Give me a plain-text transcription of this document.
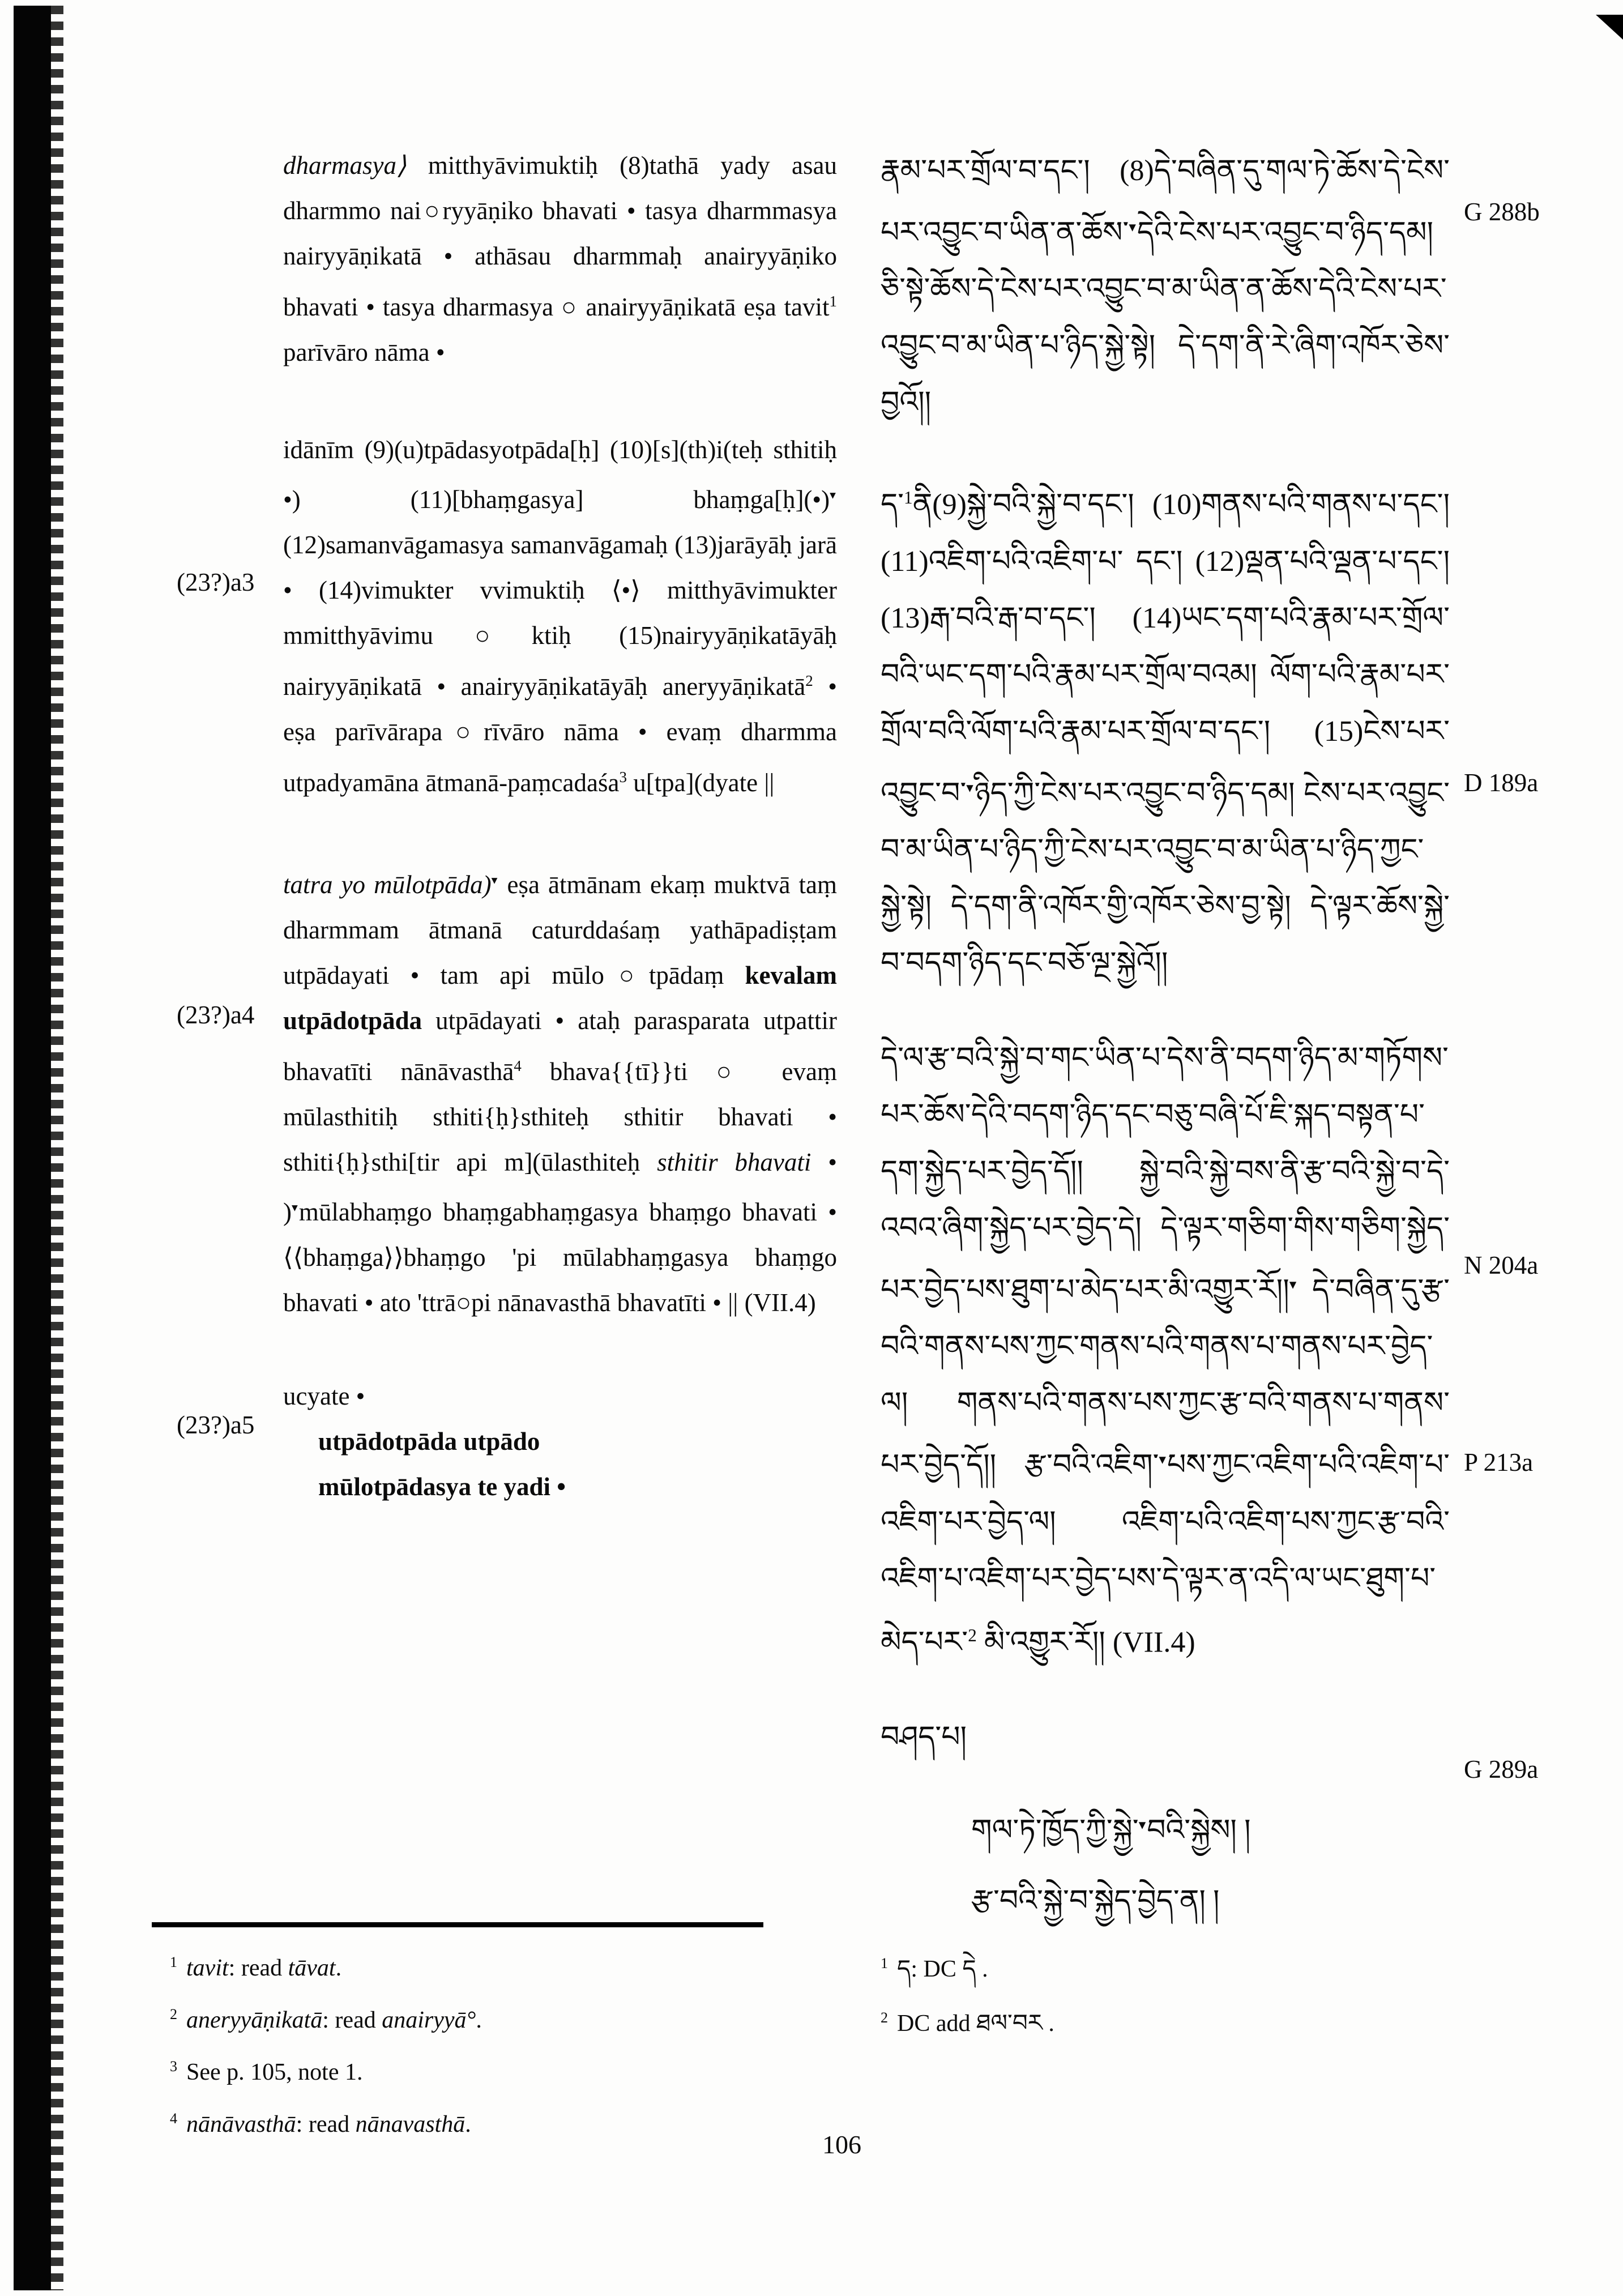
(23?)a3
(23?)a4
(23?)a5
dharmasya⟩ mitthyāvimuktiḥ (8)tathā yady asau dharmmo nai○ryyāṇiko bhavati • tasya dharmmasya nairyyāṇikatā • athāsau dharmmaḥ anairyyāṇiko bhavati • tasya dharmasya ○ anairyyāṇikatā eṣa tavit$^1$ parīvāro nāma •
idānīm (9)(u)tpādasyotpāda[ḥ] (10)[s](th)i(teḥ sthitiḥ •) (11)[bhaṃgasya] bhaṃga[ḥ](•)▾ (12)samanvāgamasya samanvāgamaḥ (13)jarāyāḥ jarā • (14)vimukter vvimuktiḥ ⟨•⟩ mitthyāvimukter mmitthyāvimu○ktiḥ (15)nairyyāṇikatāyāḥ nairyyāṇikatā • anairyyāṇikatāyāḥ aneryyāṇikatā$^2$ • eṣa parīvārapa○rīvāro nāma • evaṃ dharmma utpadyamāna ātmanā-paṃcadaśa$^3$ u[tpa](dyate ||
tatra yo mūlotpāda)▾ eṣa ātmānam ekaṃ muktvā taṃ dharmmam ātmanā caturddaśaṃ yathāpadiṣṭam utpādayati • tam api mūlo○tpādaṃ kevalam utpādotpāda utpādayati • ataḥ parasparata utpattir bhavatīti nānāvasthā$^4$ bhava{{tī}}ti ○ evaṃ mūlasthitiḥ sthiti{ḥ}sthiteḥ sthitir bhavati • sthiti{ḥ}sthi[tir api m](ūlasthiteḥ sthitir bhavati • )▾mūlabhaṃgo bhaṃgabhaṃgasya bhaṃgo bhavati • ⟨⟨bhaṃga⟩⟩bhaṃgo 'pi mūlabhaṃgasya bhaṃgo bhavati • ato 'ttrā○pi nānavasthā bhavatīti • || (VII.4)
ucyate •
utpādotpāda utpādo
mūlotpādasya te yadi •
རྣམ་པར་གྲོལ་བ་དང་། (8)དེ་བཞིན་དུ་གལ་ཏེ་ཆོས་དེ་ངེས་པར་འབྱུང་བ་ཡིན་ན་ཆོས་▾དེའི་ངེས་པར་འབྱུང་བ་ཉིད་དམ། ཅི་སྟེ་ཆོས་དེ་ངེས་པར་འབྱུང་བ་མ་ཡིན་ན་ཆོས་དེའི་ངེས་པར་འབྱུང་བ་མ་ཡིན་པ་ཉིད་སྐྱེ་སྟེ། དེ་དག་ནི་རེ་ཞིག་འཁོར་ཅེས་བྱའོ།།
ད་$^1$ནི(9)སྐྱེ་བའི་སྐྱེ་བ་དང་། (10)གནས་པའི་གནས་པ་དང་། (11)འཇིག་པའི་འཇིག་པ་ དང་། (12)ལྡན་པའི་ལྡན་པ་དང་། (13)རྒ་བའི་རྒ་བ་དང་། (14)ཡང་དག་པའི་རྣམ་པར་གྲོལ་བའི་ཡང་དག་པའི་རྣམ་པར་གྲོལ་བའམ། ལོག་པའི་རྣམ་པར་གྲོལ་བའི་ལོག་པའི་རྣམ་པར་གྲོལ་བ་དང་། (15)ངེས་པར་འབྱུང་བ་▾ཉིད་ཀྱི་ངེས་པར་འབྱུང་བ་ཉིད་དམ། ངེས་པར་འབྱུང་བ་མ་ཡིན་པ་ཉིད་ཀྱི་ངེས་པར་འབྱུང་བ་མ་ཡིན་པ་ཉིད་ཀྱང་སྐྱེ་སྟེ། དེ་དག་ནི་འཁོར་གྱི་འཁོར་ཅེས་བྱ་སྟེ། དེ་ལྟར་ཆོས་སྐྱེ་བ་བདག་ཉིད་དང་བཅོ་ལྔ་སྐྱེའོ།།
དེ་ལ་རྩ་བའི་སྐྱེ་བ་གང་ཡིན་པ་དེས་ནི་བདག་ཉིད་མ་གཏོགས་པར་ཆོས་དེའི་བདག་ཉིད་དང་བཅུ་བཞི་པོ་ཇི་སྐད་བསྟན་པ་དག་སྐྱེད་པར་བྱེད་དོ།། སྐྱེ་བའི་སྐྱེ་བས་ནི་རྩ་བའི་སྐྱེ་བ་དེ་འབའ་ཞིག་སྐྱེད་པར་བྱེད་དེ། དེ་ལྟར་གཅིག་གིས་གཅིག་སྐྱེད་པར་བྱེད་པས་ཐུག་པ་མེད་པར་མི་འགྱུར་རོ།།▾ དེ་བཞིན་དུ་རྩ་བའི་གནས་པས་ཀྱང་གནས་པའི་གནས་པ་གནས་པར་བྱེད་ལ། གནས་པའི་གནས་པས་ཀྱང་རྩ་བའི་གནས་པ་གནས་པར་བྱེད་དོ།། རྩ་བའི་འཇིག་▾པས་ཀྱང་འཇིག་པའི་འཇིག་པ་འཇིག་པར་བྱེད་ལ། འཇིག་པའི་འཇིག་པས་ཀྱང་རྩ་བའི་འཇིག་པ་འཇིག་པར་བྱེད་པས་དེ་ལྟར་ན་འདི་ལ་ཡང་ཐུག་པ་མེད་པར་$^2$ མི་འགྱུར་རོ།། (VII.4)
བཤད་པ།
གལ་ཏེ་ཁྱོད་ཀྱི་སྐྱེ་▾བའི་སྐྱེས། །
རྩ་བའི་སྐྱེ་བ་སྐྱེད་བྱེད་ན། །
G 288b
D 189a
N 204a
P 213a
G 289a
$^1$ tavit: read tāvat.
$^2$ aneryyāṇikatā: read anairyyā°.
$^3$ See p. 105, note 1.
$^4$ nānāvasthā: read nānavasthā.
$^1$ ད: DC དེ .
$^2$ DC add ཐལ་བར .
106
